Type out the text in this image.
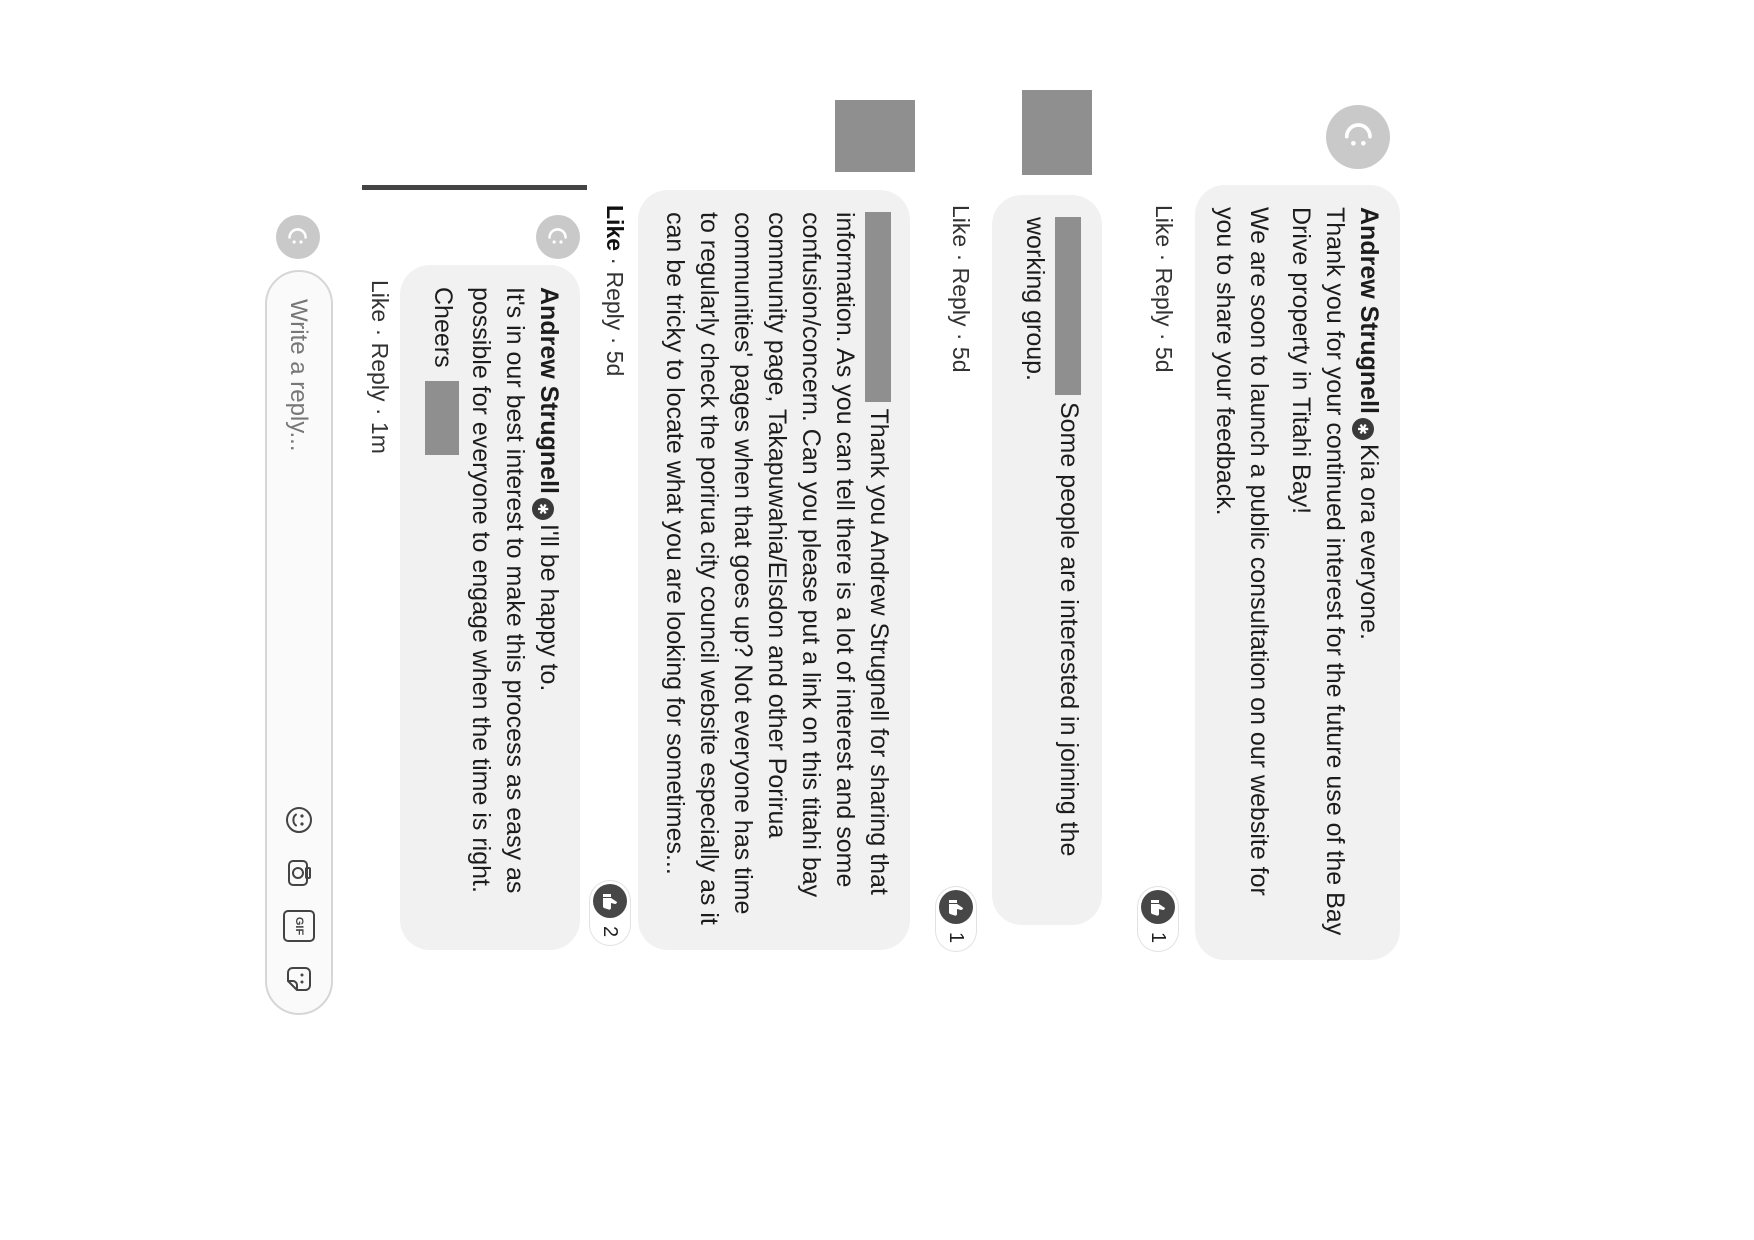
Andrew Strugnell✱Kia ora everyone.
Thank you for your continued interest for the future use of the Bay Drive property in Titahi Bay!
We are soon to launch a public consultation on our website for you to share your feedback.
Like · Reply · 5d
1
Some people are interested in joining the working group.
Like · Reply · 5d
1
Thank you Andrew Strugnell for sharing that information. As you can tell there is a lot of interest and some confusion/concern. Can you please put a link on this titahi bay community page, Takapuwahia/Elsdon and other Porirua communities' pages when that goes up? Not everyone has time to regularly check the porirua city council website especially as it can be tricky to locate what you are looking for sometimes...
Like · Reply · 5d
2
Andrew Strugnell✱I'll be happy to.
It's in our best interest to make this process as easy as possible for everyone to engage when the time is right.
Cheers
Like · Reply · 1m
Write a reply...
GIF
